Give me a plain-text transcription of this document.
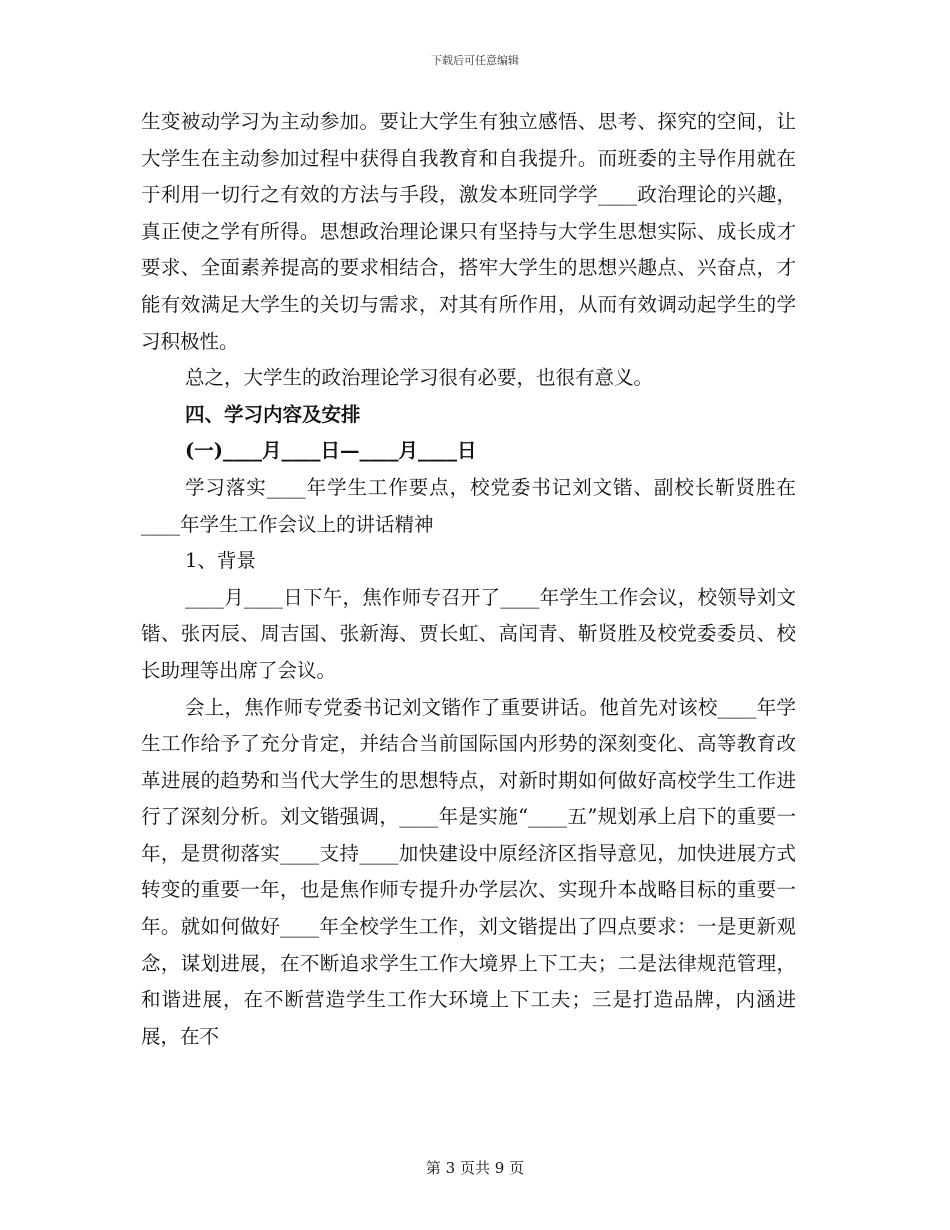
下载后可任意编辑

生变被动学习为主动参加。要让大学生有独立感悟、思考、探究的空间，让大学生在主动参加过程中获得自我教育和自我提升。而班委的主导作用就在于利用一切行之有效的方法与手段，激发本班同学学____政治理论的兴趣，真正使之学有所得。思想政治理论课只有坚持与大学生思想实际、成长成才要求、全面素养提高的要求相结合，搭牢大学生的思想兴趣点、兴奋点，才能有效满足大学生的关切与需求，对其有所作用，从而有效调动起学生的学习积极性。

总之，大学生的政治理论学习很有必要，也很有意义。

四、学习内容及安排

(一)____月____日—____月____日

学习落实____年学生工作要点，校党委书记刘文锴、副校长靳贤胜在____年学生工作会议上的讲话精神

1、背景

____月____日下午，焦作师专召开了____年学生工作会议，校领导刘文锴、张丙辰、周吉国、张新海、贾长虹、高闰青、靳贤胜及校党委委员、校长助理等出席了会议。

会上，焦作师专党委书记刘文锴作了重要讲话。他首先对该校____年学生工作给予了充分肯定，并结合当前国际国内形势的深刻变化、高等教育改革进展的趋势和当代大学生的思想特点，对新时期如何做好高校学生工作进行了深刻分析。刘文锴强调，____年是实施“____五”规划承上启下的重要一年，是贯彻落实____支持____加快建设中原经济区指导意见，加快进展方式转变的重要一年，也是焦作师专提升办学层次、实现升本战略目标的重要一年。就如何做好____年全校学生工作，刘文锴提出了四点要求：一是更新观念，谋划进展，在不断追求学生工作大境界上下工夫；二是法律规范管理，和谐进展，在不断营造学生工作大环境上下工夫；三是打造品牌，内涵进展，在不

第 3 页共 9 页
